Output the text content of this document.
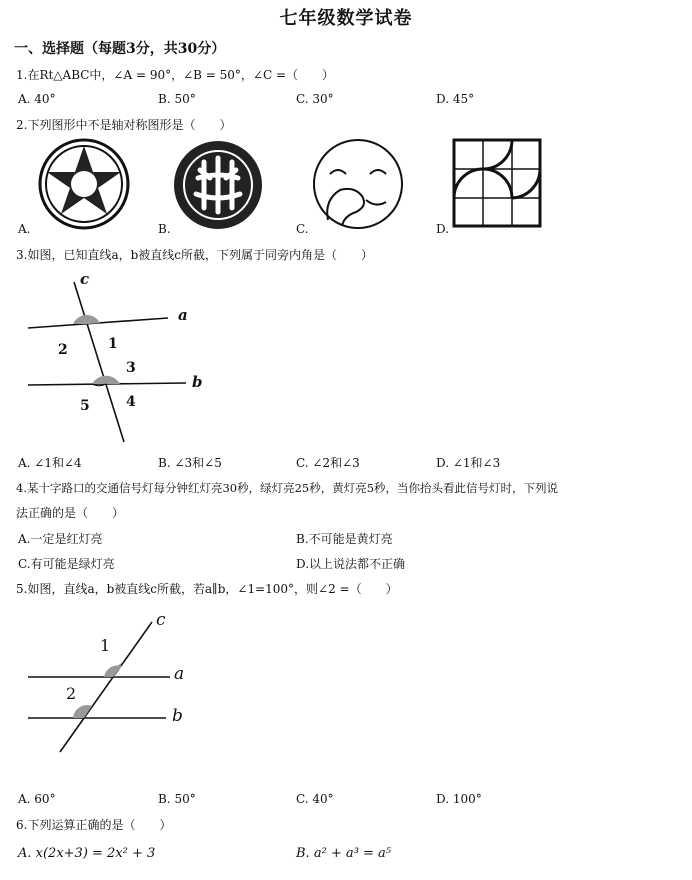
七年级数学试卷
一、选择题（每题3分，共30分）
1.在Rt△ABC中，∠A = 90°，∠B = 50°，∠C =（　　）
A. 40°	B. 50°	C. 30°	D. 45°
2.下列图形中不是轴对称图形是（　　）
A.	B.	C.	D.
3.如图，已知直线a，b被直线c所截，下列属于同旁内角是（　　）
c
a
b
1
2
3
4
5
A. ∠1和∠4	B. ∠3和∠5	C. ∠2和∠3	D. ∠1和∠3
4.某十字路口的交通信号灯每分钟红灯亮30秒，绿灯亮25秒，黄灯亮5秒，当你抬头看此信号灯时，下列说
法正确的是（　　）
A.一定是红灯亮	B.不可能是黄灯亮
C.有可能是绿灯亮	D.以上说法都不正确
5.如图，直线a，b被直线c所截，若a∥b，∠1=100°，则∠2 =（　　）
c
a
b
1
2
A. 60°	B. 50°	C. 40°	D. 100°
6.下列运算正确的是（　　）
A. x(2x+3) = 2x² + 3	B. a² + a³ = a⁵
